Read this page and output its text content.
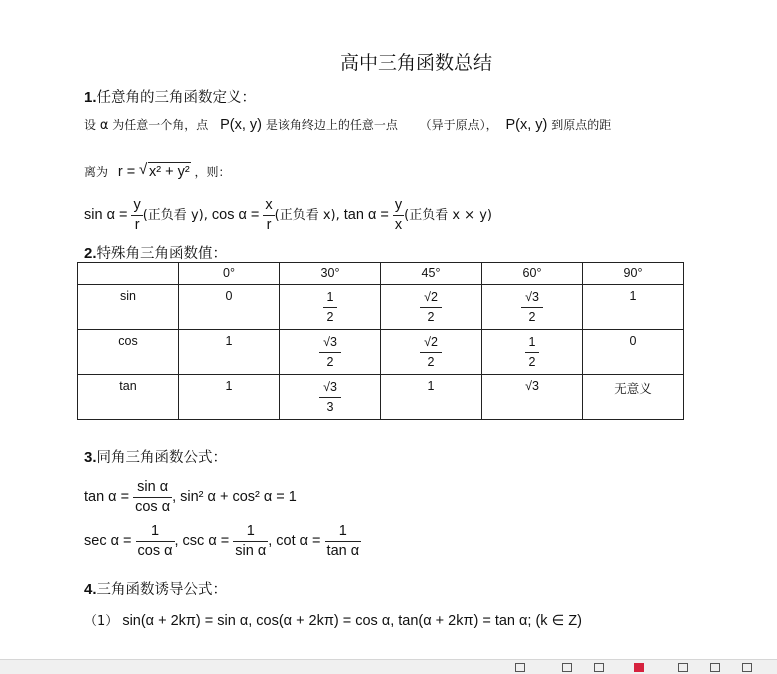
高中三角函数总结
1.任意角的三角函数定义：
设 α 为任意一个角，点 P(x, y) 是该角终边上的任意一点 （异于原点）， P(x, y) 到原点的距
离为 r = √ x² + y² ，则：
$\sin \alpha = \frac{y}{r}$ (正负看 y), $\cos \alpha = \frac{x}{r}$ (正负看 x), $\tan \alpha = \frac{y}{x}$ (正负看 x × y)
2.特殊角三角函数值：
	0°	30°	45°	60°	90°
sin	0	$\frac{1}{2}$	$\frac{√2}{2}$	$\frac{√3}{2}$	1
cos	1	$\frac{√3}{2}$	$\frac{√2}{2}$	$\frac{1}{2}$	0
tan	1	$\frac{√3}{3}$	1	√3	无意义
3.同角三角函数公式：
$\tan \alpha = \frac{\text{sin α}}{\text{cos α}}$ , sin² α + cos² α = 1
$\sec \alpha = \frac{1}{\text{cos α}}$ , $\csc \alpha = \frac{1}{\text{sin α}}$ , $\cot \alpha = \frac{1}{\text{tan α}}$
4.三角函数诱导公式：
（1） sin(α + 2kπ) = sin α, cos(α + 2kπ) = cos α, tan(α + 2kπ) = tan α; (k ∈ Z)
